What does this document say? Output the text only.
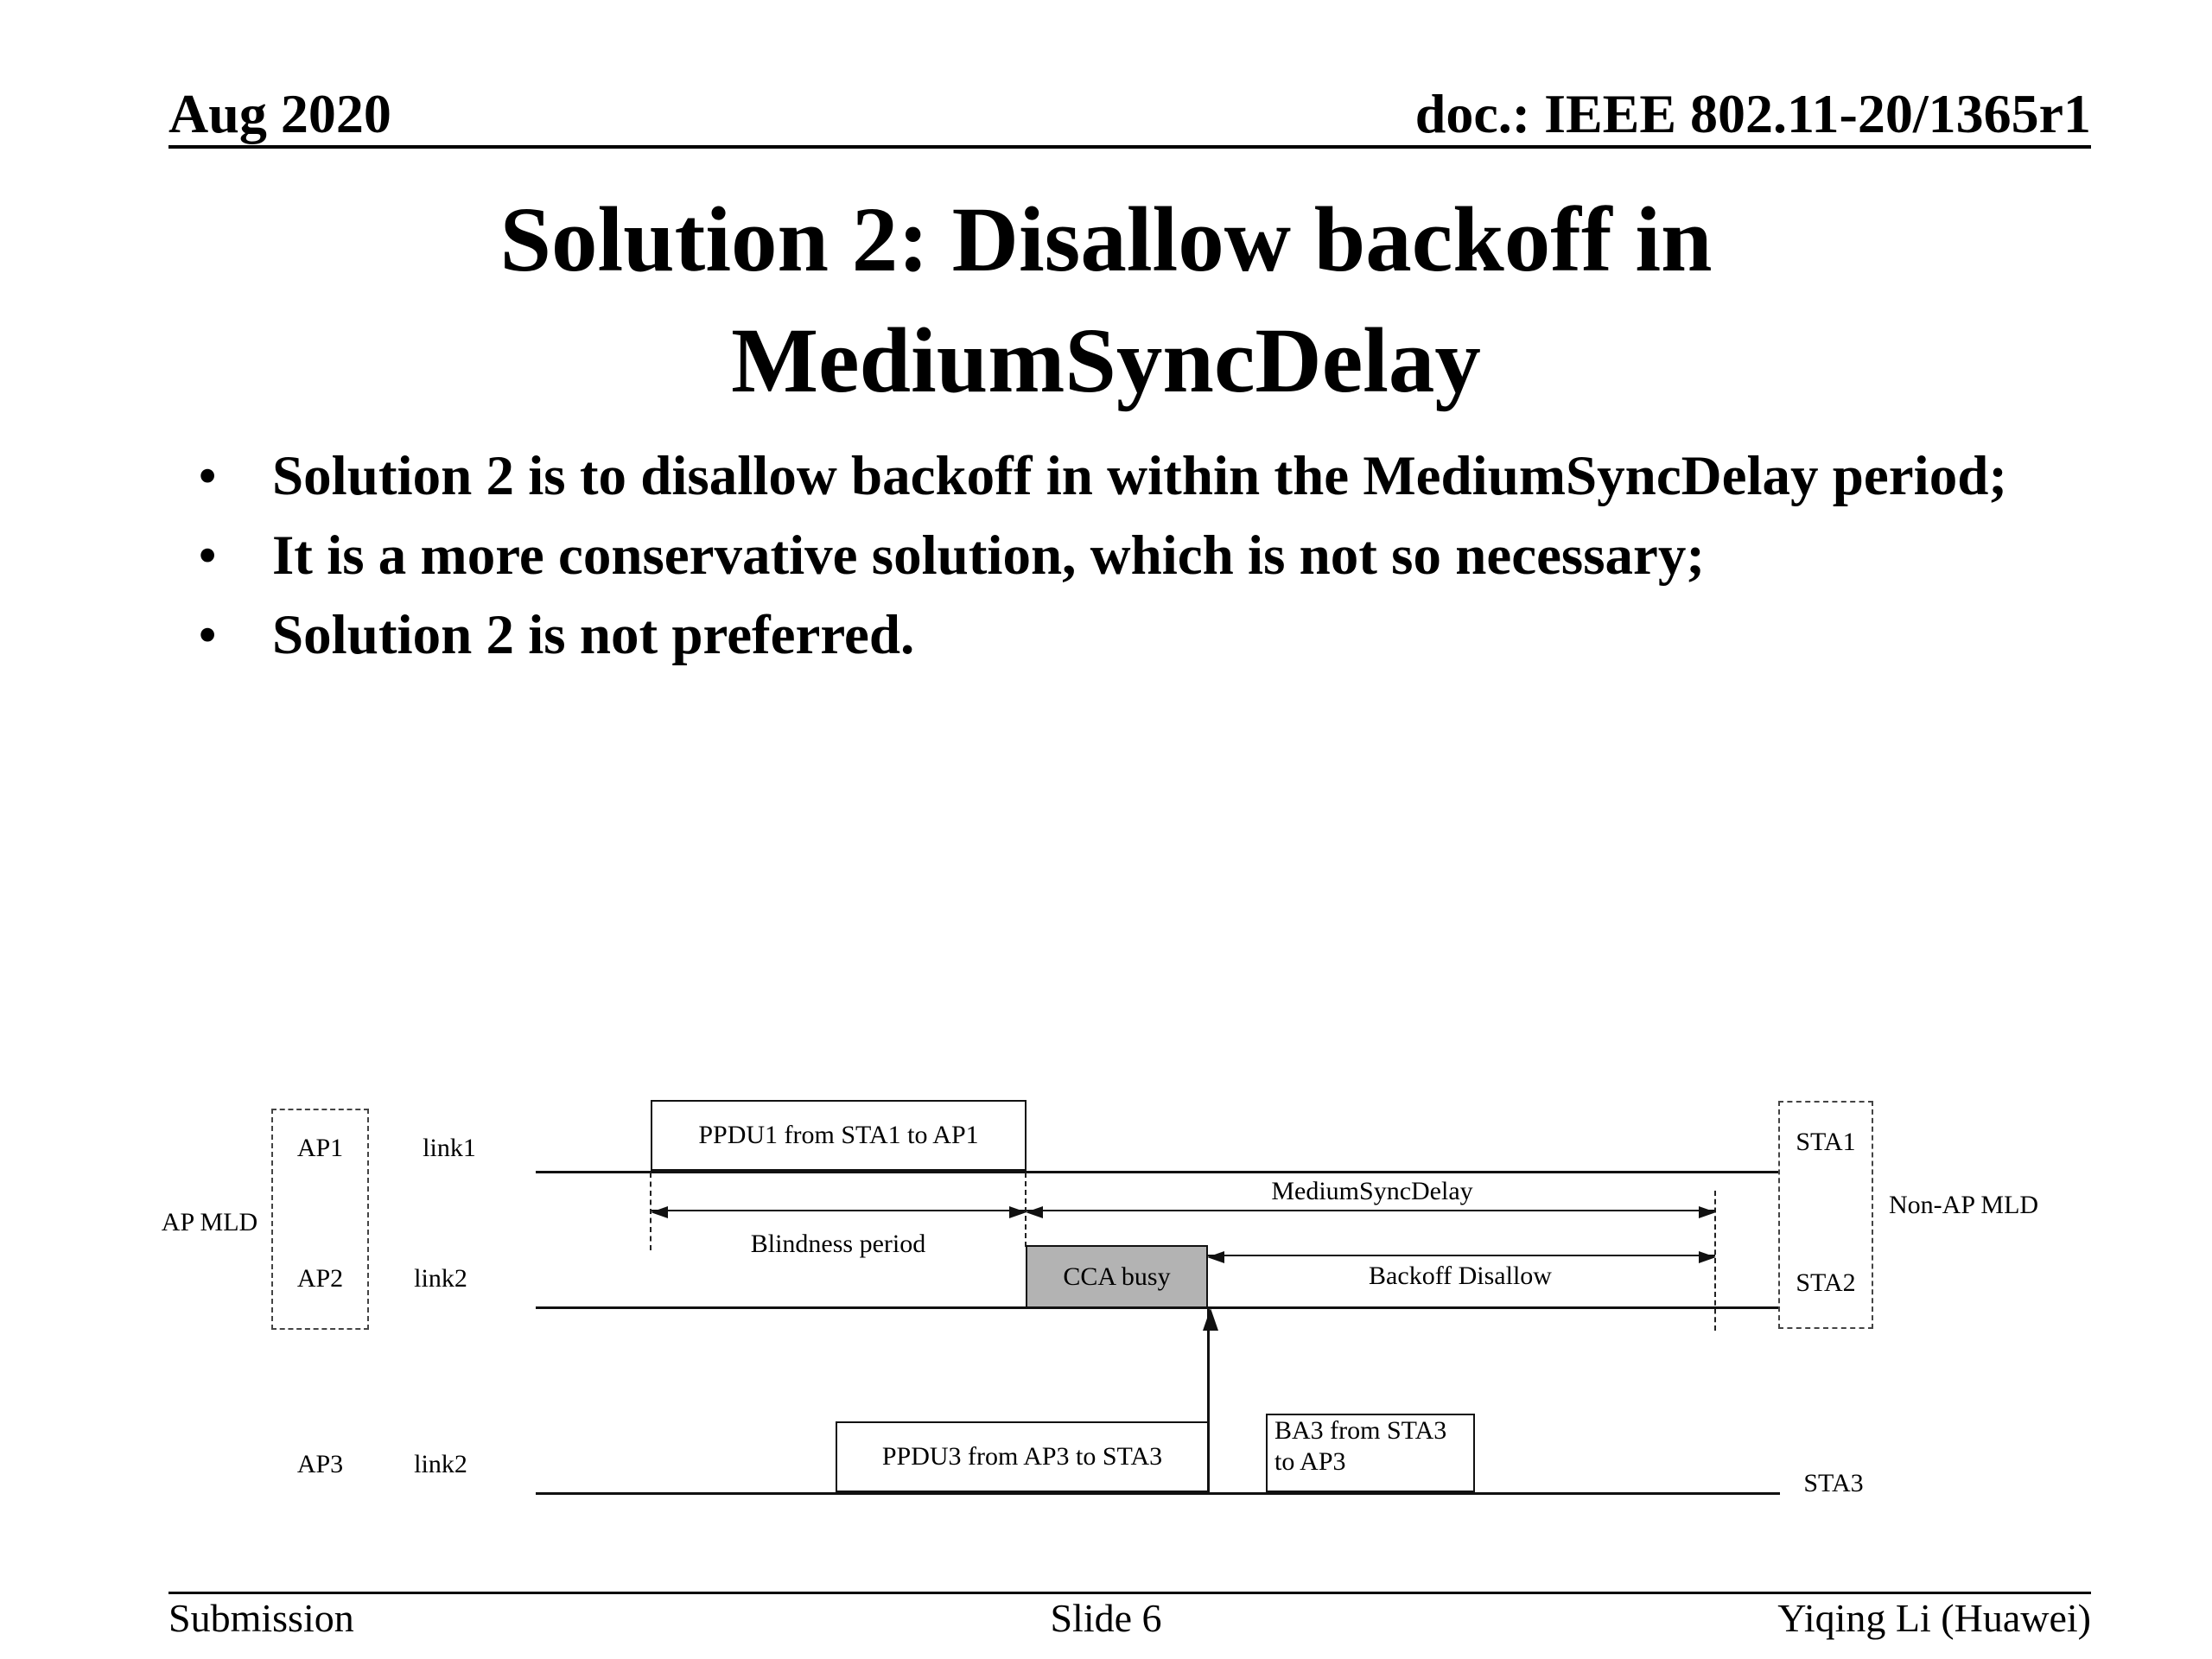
Aug 2020	doc.: IEEE 802.11-20/1365r1
Solution 2: Disallow backoff in
MediumSyncDelay
• Solution 2 is to disallow backoff in within the MediumSyncDelay period;
• It is a more conservative solution, which is not so necessary;
• Solution 2 is not preferred.
AP MLD
AP1
AP2
link1
link2
PPDU1 from STA1 to AP1
MediumSyncDelay
Blindness period
CCA busy	Backoff Disallow
STA1
STA2
Non-AP MLD
AP3	link2	PPDU3 from AP3 to STA3
BA3 from STA3 to AP3
STA3
Submission	Slide 6	Yiqing Li (Huawei)
